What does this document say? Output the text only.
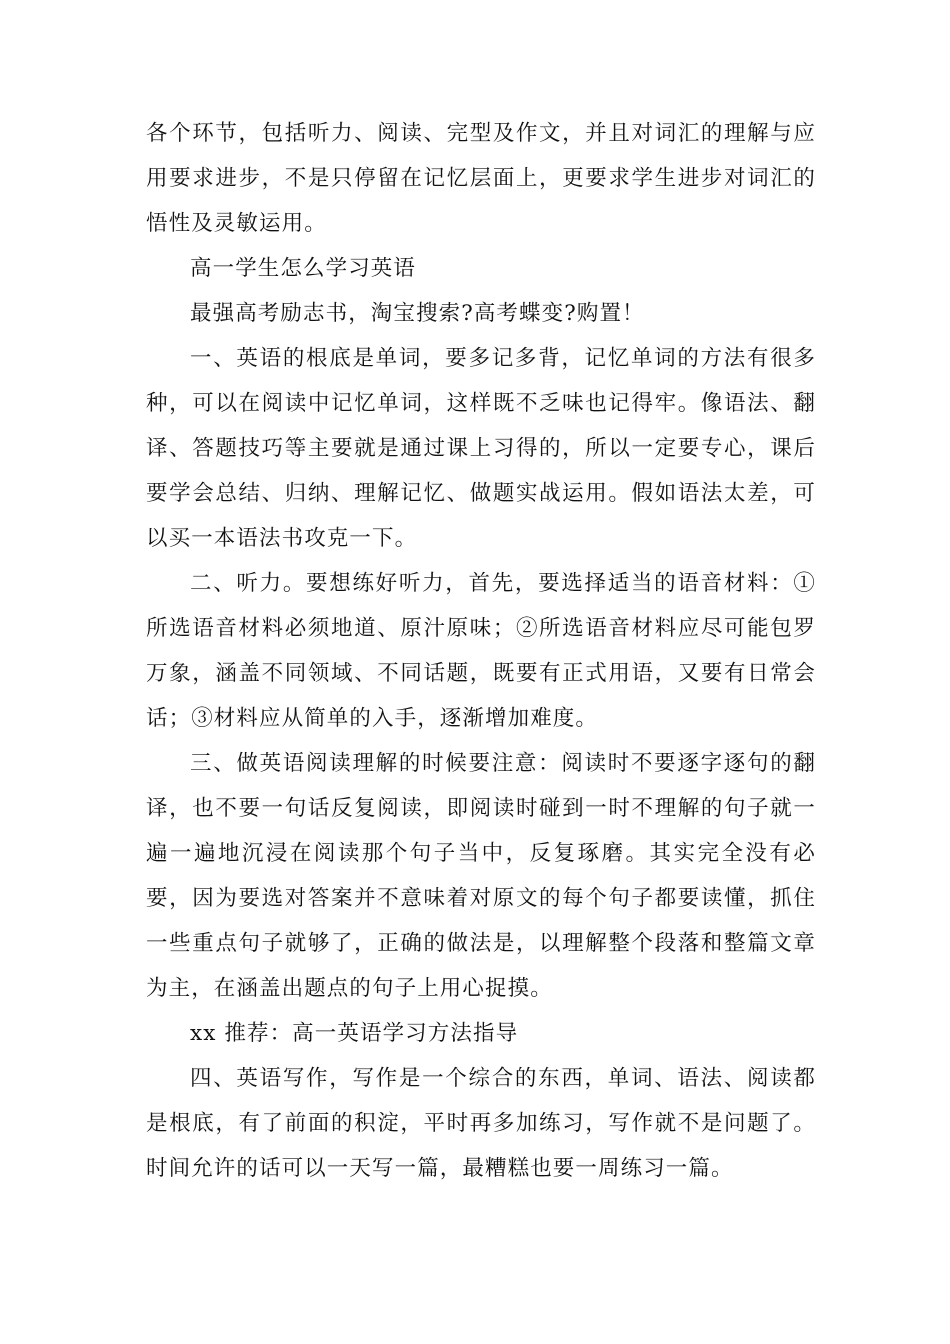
各个环节，包括听力、阅读、完型及作文，并且对词汇的理解与应用要求进步，不是只停留在记忆层面上，更要求学生进步对词汇的悟性及灵敏运用。

高一学生怎么学习英语

最强高考励志书，淘宝搜索?高考蝶变?购置！

一、英语的根底是单词，要多记多背，记忆单词的方法有很多种，可以在阅读中记忆单词，这样既不乏味也记得牢。像语法、翻译、答题技巧等主要就是通过课上习得的，所以一定要专心，课后要学会总结、归纳、理解记忆、做题实战运用。假如语法太差，可以买一本语法书攻克一下。

二、听力。要想练好听力，首先，要选择适当的语音材料：①所选语音材料必须地道、原汁原味；②所选语音材料应尽可能包罗万象，涵盖不同领域、不同话题，既要有正式用语，又要有日常会话；③材料应从简单的入手，逐渐增加难度。

三、做英语阅读理解的时候要注意：阅读时不要逐字逐句的翻译，也不要一句话反复阅读，即阅读时碰到一时不理解的句子就一遍一遍地沉浸在阅读那个句子当中，反复琢磨。其实完全没有必要，因为要选对答案并不意味着对原文的每个句子都要读懂，抓住一些重点句子就够了，正确的做法是，以理解整个段落和整篇文章为主，在涵盖出题点的句子上用心捉摸。

xx 推荐：高一英语学习方法指导

四、英语写作，写作是一个综合的东西，单词、语法、阅读都是根底，有了前面的积淀，平时再多加练习，写作就不是问题了。时间允许的话可以一天写一篇，最糟糕也要一周练习一篇。
